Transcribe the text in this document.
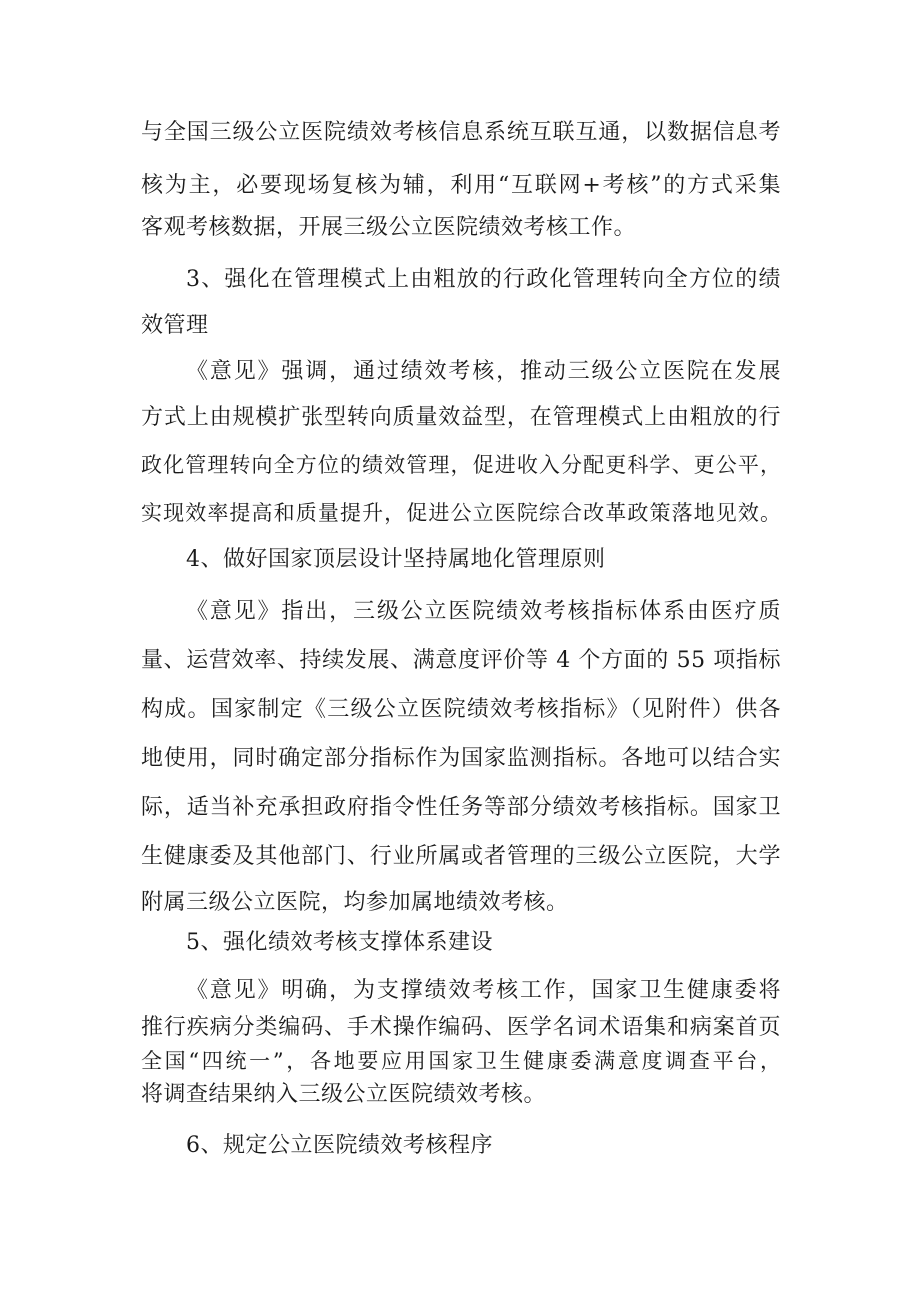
与全国三级公立医院绩效考核信息系统互联互通，以数据信息考
核为主，必要现场复核为辅，利用“互联网+考核”的方式采集
客观考核数据，开展三级公立医院绩效考核工作。
3、强化在管理模式上由粗放的行政化管理转向全方位的绩
效管理
《意见》强调，通过绩效考核，推动三级公立医院在发展
方式上由规模扩张型转向质量效益型，在管理模式上由粗放的行
政化管理转向全方位的绩效管理，促进收入分配更科学、更公平，
实现效率提高和质量提升，促进公立医院综合改革政策落地见效。
4、做好国家顶层设计坚持属地化管理原则
《意见》指出，三级公立医院绩效考核指标体系由医疗质
量、运营效率、持续发展、满意度评价等 4 个方面的 55 项指标
构成。国家制定《三级公立医院绩效考核指标》（见附件）供各
地使用，同时确定部分指标作为国家监测指标。各地可以结合实
际，适当补充承担政府指令性任务等部分绩效考核指标。国家卫
生健康委及其他部门、行业所属或者管理的三级公立医院，大学
附属三级公立医院，均参加属地绩效考核。
5、强化绩效考核支撑体系建设
《意见》明确，为支撑绩效考核工作，国家卫生健康委将
推行疾病分类编码、手术操作编码、医学名词术语集和病案首页
全国“四统一”，各地要应用国家卫生健康委满意度调查平台，
将调查结果纳入三级公立医院绩效考核。
6、规定公立医院绩效考核程序
